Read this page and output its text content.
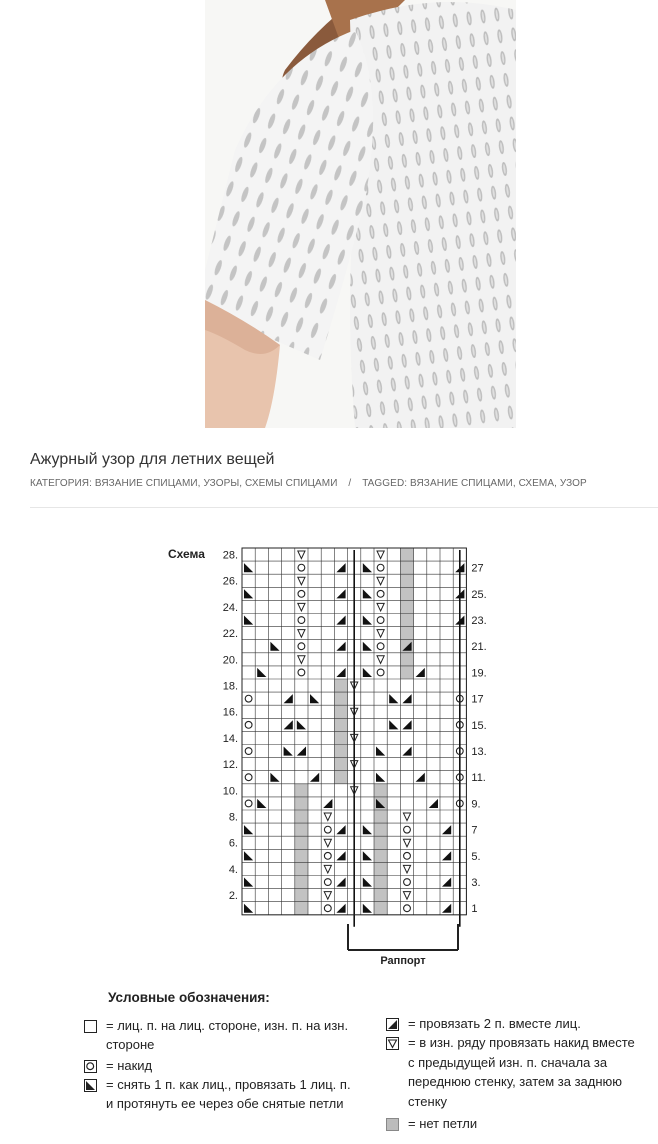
Ажурный узор для летних вещей
КАТЕГОРИЯ: ВЯЗАНИЕ СПИЦАМИ, УЗОРЫ, СХЕМЫ СПИЦАМИ / TAGGED: ВЯЗАНИЕ СПИЦАМИ, СХЕМА, УЗОР
Схема 28.
26.
24.
22.
20.
18.
16.
14.
12.
10.
8.
6.
4.
2.
27
25.
23.
21.
19.
17
15.
13.
11.
9.
7
5.
3.
1
Раппорт
Условные обозначения:
= лиц. п. на лиц. стороне, изн. п. на изн. стороне
= накид
= снять 1 п. как лиц., провязать 1 лиц. п. и протянуть ее через обе снятые петли
= провязать 2 п. вместе лиц.
= в изн. ряду провязать накид вместе с предыдущей изн. п. сначала за переднюю стенку, затем за заднюю стенку
= нет петли
